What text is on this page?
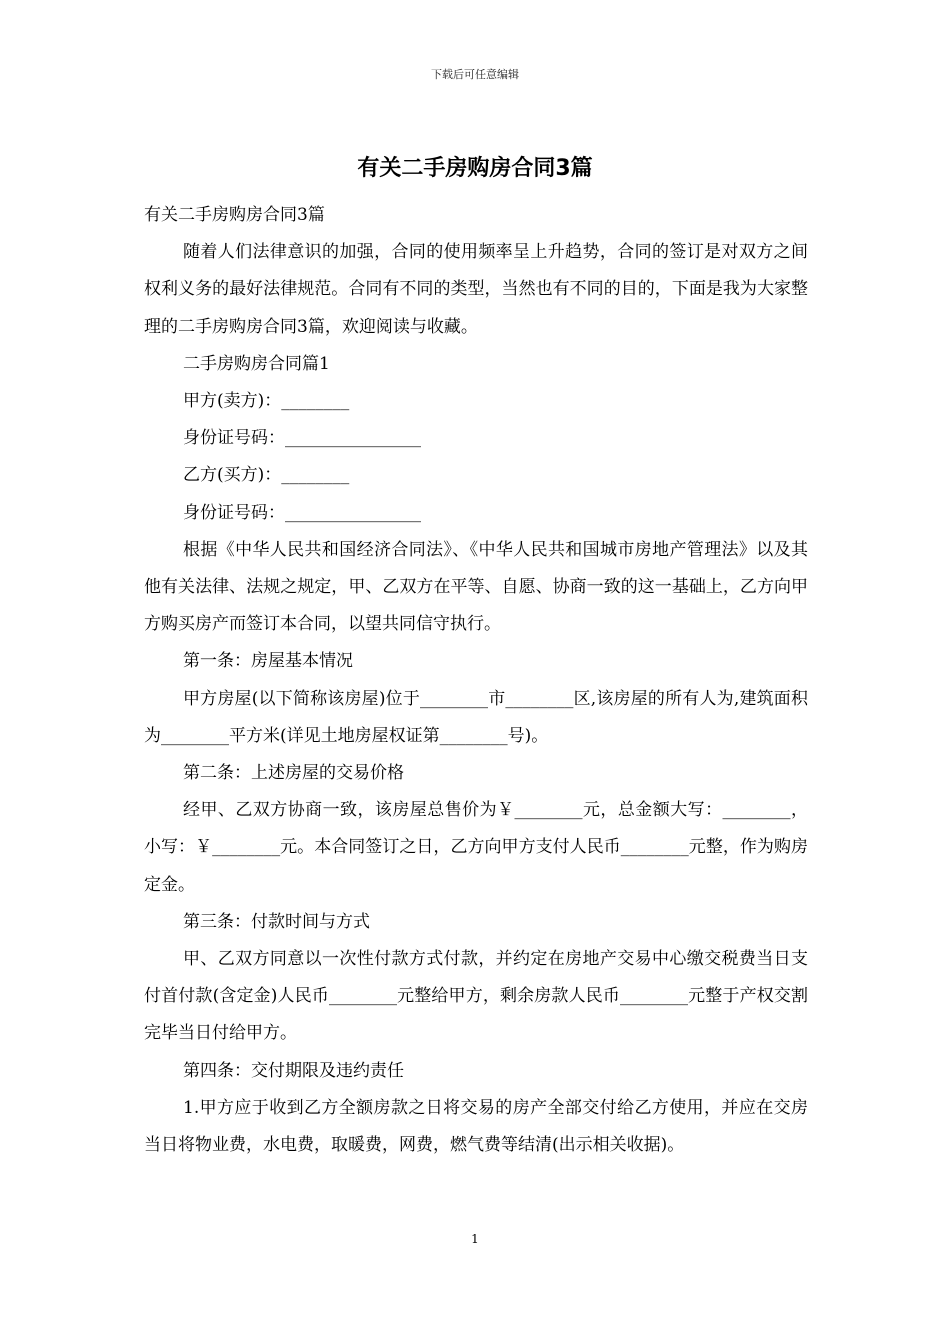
下载后可任意编辑
有关二手房购房合同3篇

有关二手房购房合同3篇

随着人们法律意识的加强，合同的使用频率呈上升趋势，合同的签订是对双方之间权利义务的最好法律规范。合同有不同的类型，当然也有不同的目的，下面是我为大家整理的二手房购房合同3篇，欢迎阅读与收藏。

二手房购房合同篇1

甲方(卖方)：________

身份证号码：________________

乙方(买方)：________

身份证号码：________________

根据《中华人民共和国经济合同法》、《中华人民共和国城市房地产管理法》以及其他有关法律、法规之规定，甲、乙双方在平等、自愿、协商一致的这一基础上，乙方向甲方购买房产而签订本合同，以望共同信守执行。

第一条：房屋基本情况

甲方房屋(以下简称该房屋)位于________市________区,该房屋的所有人为,建筑面积为________平方米(详见土地房屋权证第________号)。

第二条：上述房屋的交易价格

经甲、乙双方协商一致，该房屋总售价为￥________元，总金额大写：________，小写：￥________元。本合同签订之日，乙方向甲方支付人民币________元整，作为购房定金。

第三条：付款时间与方式

甲、乙双方同意以一次性付款方式付款，并约定在房地产交易中心缴交税费当日支付首付款(含定金)人民币________元整给甲方，剩余房款人民币________元整于产权交割完毕当日付给甲方。

第四条：交付期限及违约责任

1.甲方应于收到乙方全额房款之日将交易的房产全部交付给乙方使用，并应在交房当日将物业费，水电费，取暖费，网费，燃气费等结清(出示相关收据)。

1
